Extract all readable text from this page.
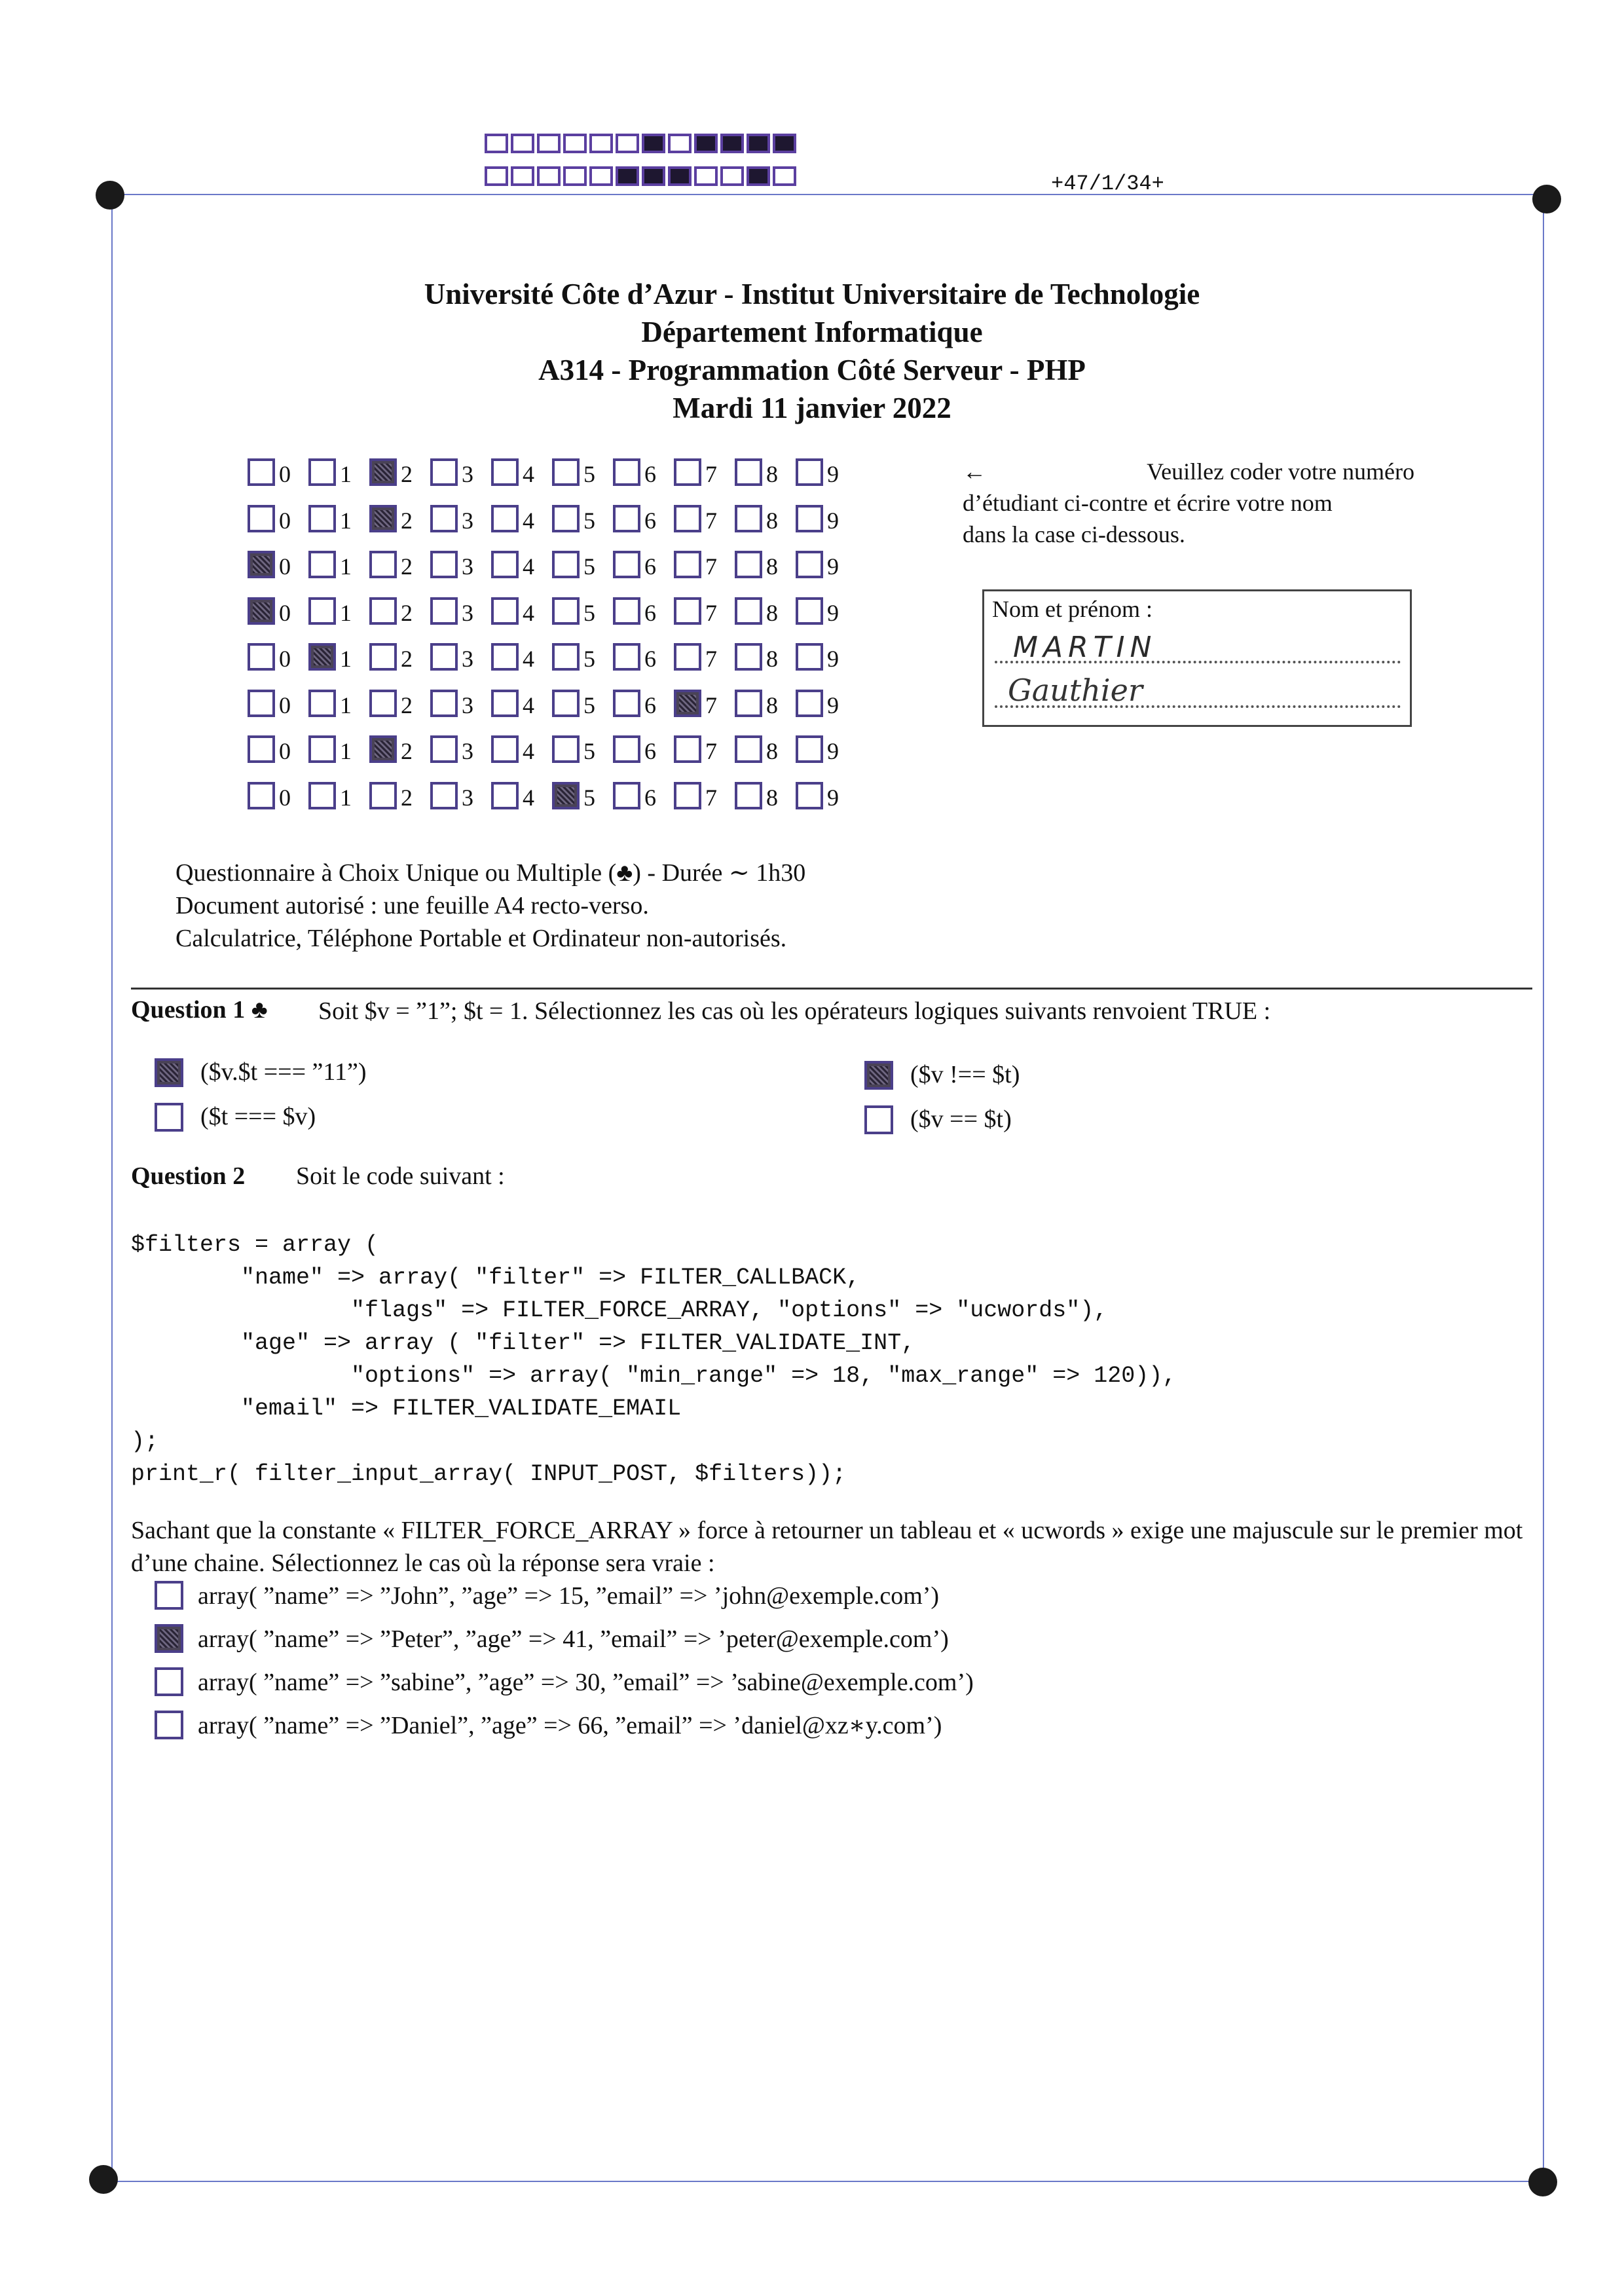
+47/1/34+
Université Côte d’Azur - Institut Universitaire de Technologie
Département Informatique
A314 - Programmation Côté Serveur - PHP
Mardi 11 janvier 2022
0 1 2 3 4 5 6 7 8 9
0 1 2 3 4 5 6 7 8 9
0 1 2 3 4 5 6 7 8 9
0 1 2 3 4 5 6 7 8 9
0 1 2 3 4 5 6 7 8 9
0 1 2 3 4 5 6 7 8 9
0 1 2 3 4 5 6 7 8 9
0 1 2 3 4 5 6 7 8 9
←	Veuillez coder votre numéro
d’étudiant ci-contre et écrire votre nom
dans la case ci-dessous.
Nom et prénom :
MARTIN
Gauthier
Questionnaire à Choix Unique ou Multiple (♣) - Durée ∼ 1h30
Document autorisé : une feuille A4 recto-verso.
Calculatrice, Téléphone Portable et Ordinateur non-autorisés.
Question 1 ♣ Soit $v = ”1”; $t = 1. Sélectionnez les cas où les opérateurs logiques suivants renvoient TRUE :
($v.$t === ”11”)
($t === $v)
($v !== $t)
($v == $t)
Question 2 Soit le code suivant :
$filters = array (
"name" => array( "filter" => FILTER_CALLBACK,
"flags" => FILTER_FORCE_ARRAY, "options" => "ucwords"),
"age" => array ( "filter" => FILTER_VALIDATE_INT,
"options" => array( "min_range" => 18, "max_range" => 120)),
"email" => FILTER_VALIDATE_EMAIL
);
print_r( filter_input_array( INPUT_POST, $filters));
Sachant que la constante « FILTER_FORCE_ARRAY » force à retourner un tableau et « ucwords » exige une majuscule sur le premier mot d’une chaine. Sélectionnez le cas où la réponse sera vraie :
array( ”name” => ”John”, ”age” => 15, ”email” => ’john@exemple.com’)
array( ”name” => ”Peter”, ”age” => 41, ”email” => ’peter@exemple.com’)
array( ”name” => ”sabine”, ”age” => 30, ”email” => ’sabine@exemple.com’)
array( ”name” => ”Daniel”, ”age” => 66, ”email” => ’daniel@xz∗y.com’)
